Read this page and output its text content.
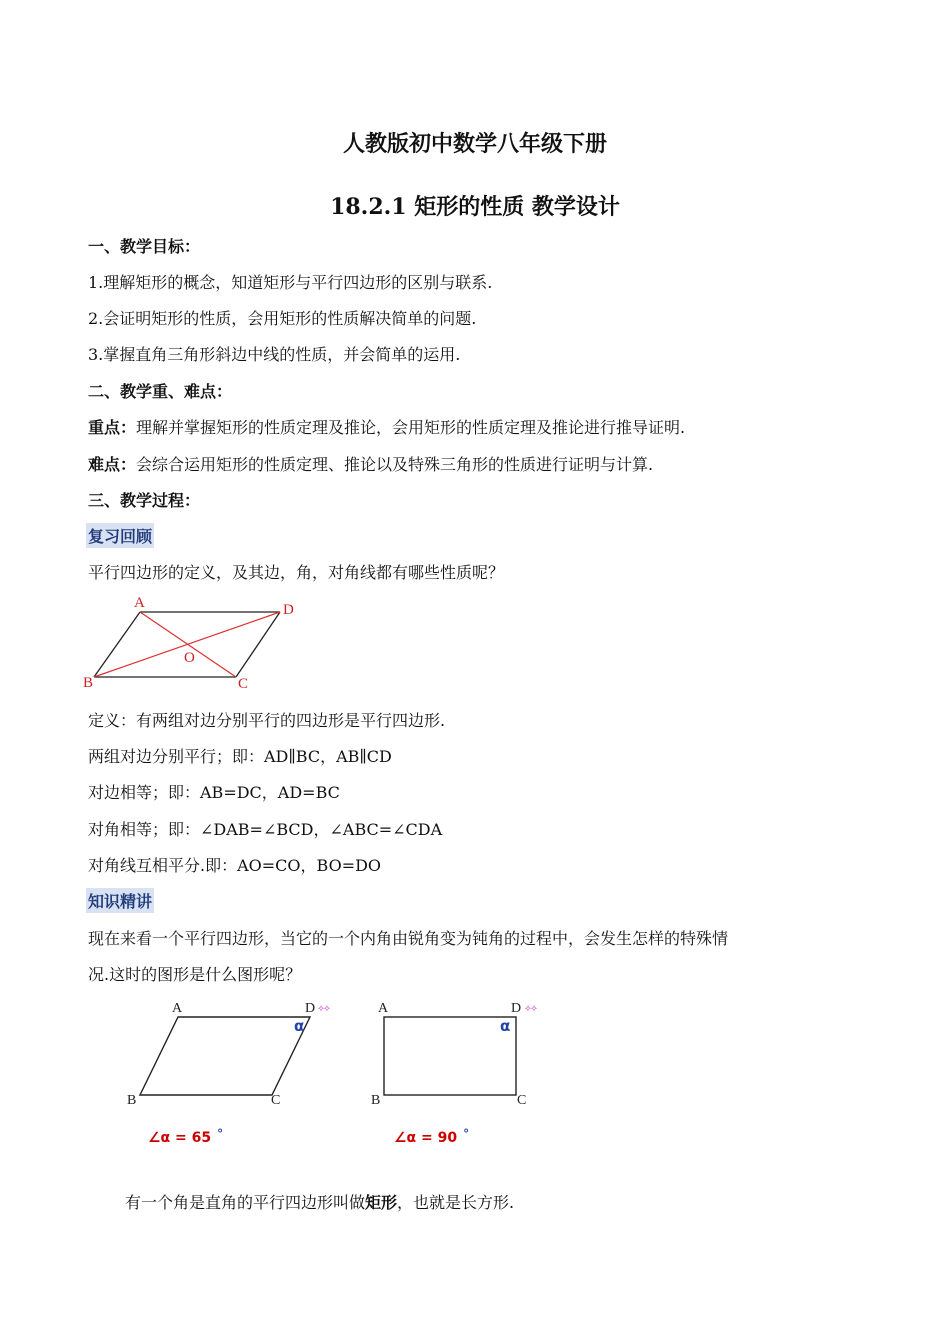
人教版初中数学八年级下册
18.2.1 矩形的性质 教学设计
一、教学目标：
1.理解矩形的概念，知道矩形与平行四边形的区别与联系.
2.会证明矩形的性质，会用矩形的性质解决简单的问题.
3.掌握直角三角形斜边中线的性质，并会简单的运用.
二、教学重、难点：
重点：理解并掌握矩形的性质定理及推论，会用矩形的性质定理及推论进行推导证明.
难点：会综合运用矩形的性质定理、推论以及特殊三角形的性质进行证明与计算.
三、教学过程：
复习回顾
平行四边形的定义，及其边，角，对角线都有哪些性质呢？
A
B	C
D
O
定义：有两组对边分别平行的四边形是平行四边形.
两组对边分别平行；即：AD∥BC，AB∥CD
对边相等；即：AB=DC，AD=BC
对角相等；即：∠DAB=∠BCD，∠ABC=∠CDA
对角线互相平分.即：AO=CO，BO=DO
知识精讲
现在来看一个平行四边形，当它的一个内角由锐角变为钝角的过程中，会发生怎样的特殊情
况.这时的图形是什么图形呢？
A
B	C
D
α
⟡⟡
∠α = 65 °
A
B	C
D
α
⟡⟡
∠α = 90 °
有一个角是直角的平行四边形叫做矩形，也就是长方形.
